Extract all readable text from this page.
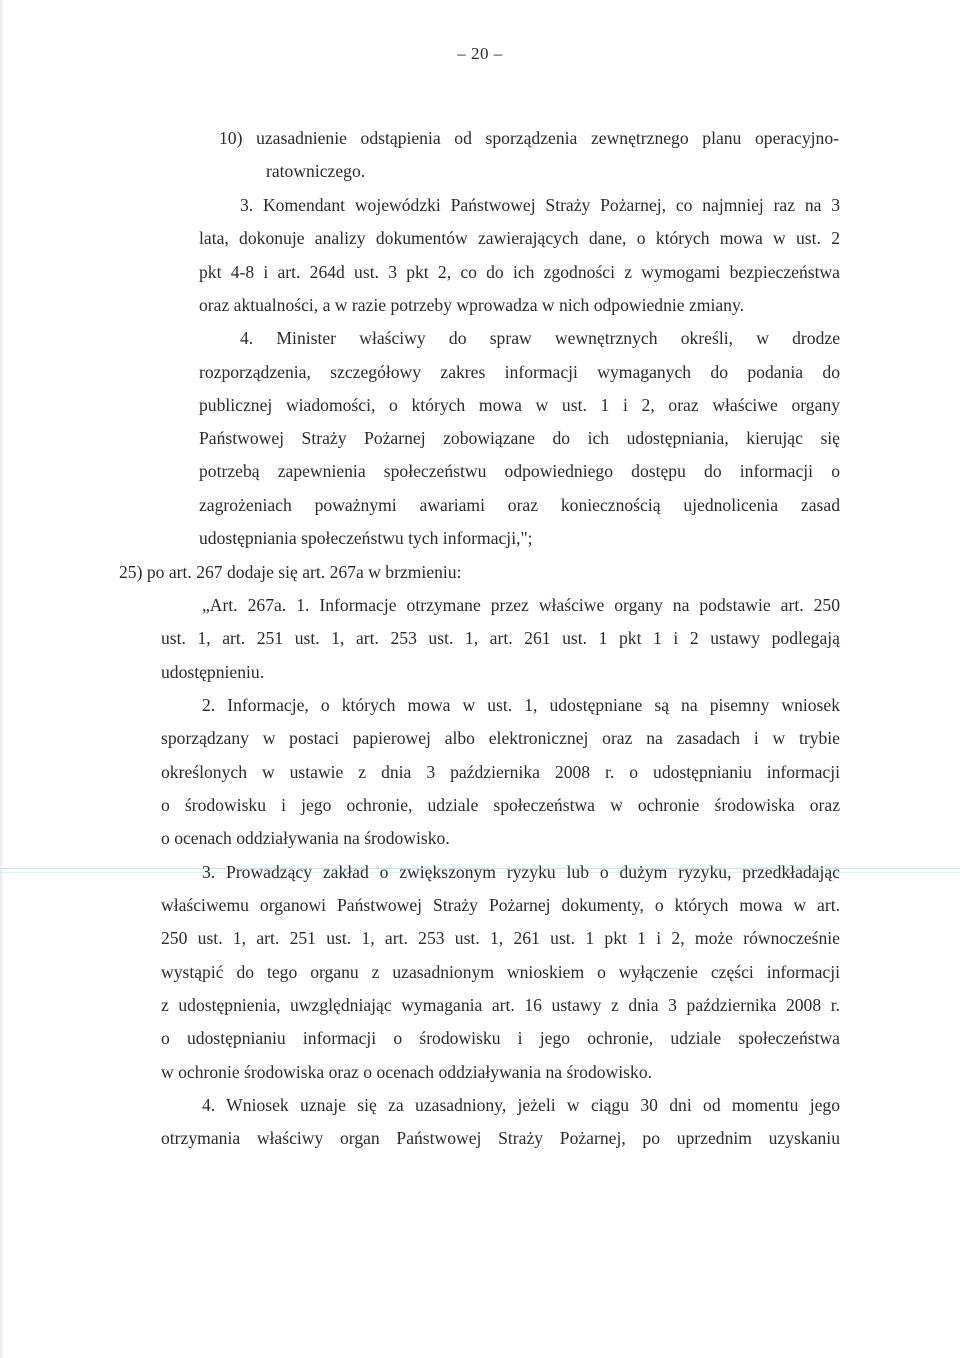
– 20 –
10) uzasadnienie odstąpienia od sporządzenia zewnętrznego planu operacyjno-
ratowniczego.
3. Komendant wojewódzki Państwowej Straży Pożarnej, co najmniej raz na 3
lata, dokonuje analizy dokumentów zawierających dane, o których mowa w ust. 2
pkt 4-8 i art. 264d ust. 3 pkt 2, co do ich zgodności z wymogami bezpieczeństwa
oraz aktualności, a w razie potrzeby wprowadza w nich odpowiednie zmiany.
4. Minister właściwy do spraw wewnętrznych określi, w drodze
rozporządzenia, szczegółowy zakres informacji wymaganych do podania do
publicznej wiadomości, o których mowa w ust. 1 i 2, oraz właściwe organy
Państwowej Straży Pożarnej zobowiązane do ich udostępniania, kierując się
potrzebą zapewnienia społeczeństwu odpowiedniego dostępu do informacji o
zagrożeniach poważnymi awariami oraz koniecznością ujednolicenia zasad
udostępniania społeczeństwu tych informacji,";
25) po art. 267 dodaje się art. 267a w brzmieniu:
„Art. 267a. 1. Informacje otrzymane przez właściwe organy na podstawie art. 250
ust. 1, art. 251 ust. 1, art. 253 ust. 1, art. 261 ust. 1 pkt 1 i 2 ustawy podlegają
udostępnieniu.
2. Informacje, o których mowa w ust. 1, udostępniane są na pisemny wniosek
sporządzany w postaci papierowej albo elektronicznej oraz na zasadach i w trybie
określonych w ustawie z dnia 3 października 2008 r. o udostępnianiu informacji
o środowisku i jego ochronie, udziale społeczeństwa w ochronie środowiska oraz
o ocenach oddziaływania na środowisko.
3. Prowadzący zakład o zwiększonym ryzyku lub o dużym ryzyku, przedkładając
właściwemu organowi Państwowej Straży Pożarnej dokumenty, o których mowa w art.
250 ust. 1, art. 251 ust. 1, art. 253 ust. 1, 261 ust. 1 pkt 1 i 2, może równocześnie
wystąpić do tego organu z uzasadnionym wnioskiem o wyłączenie części informacji
z udostępnienia, uwzględniając wymagania art. 16 ustawy z dnia 3 października 2008 r.
o udostępnianiu informacji o środowisku i jego ochronie, udziale społeczeństwa
w ochronie środowiska oraz o ocenach oddziaływania na środowisko.
4. Wniosek uznaje się za uzasadniony, jeżeli w ciągu 30 dni od momentu jego
otrzymania właściwy organ Państwowej Straży Pożarnej, po uprzednim uzyskaniu
